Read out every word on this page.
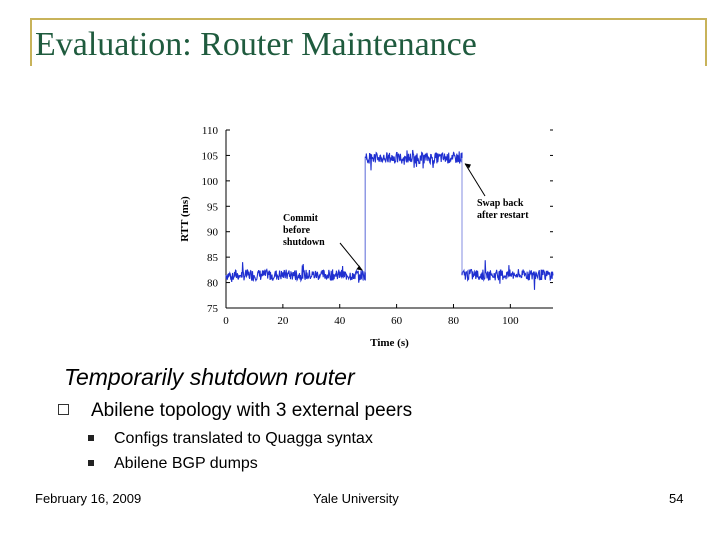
Evaluation: Router Maintenance
75
80
85
90
95
100
105
110
0	20	40	60	80	100
Commit
before
shutdown
Swap back
after restart
Time (s)
RTT (ms)
Temporarily shutdown router
Abilene topology with 3 external peers
Configs translated to Quagga syntax
Abilene BGP dumps
February 16, 2009	Yale University	54
